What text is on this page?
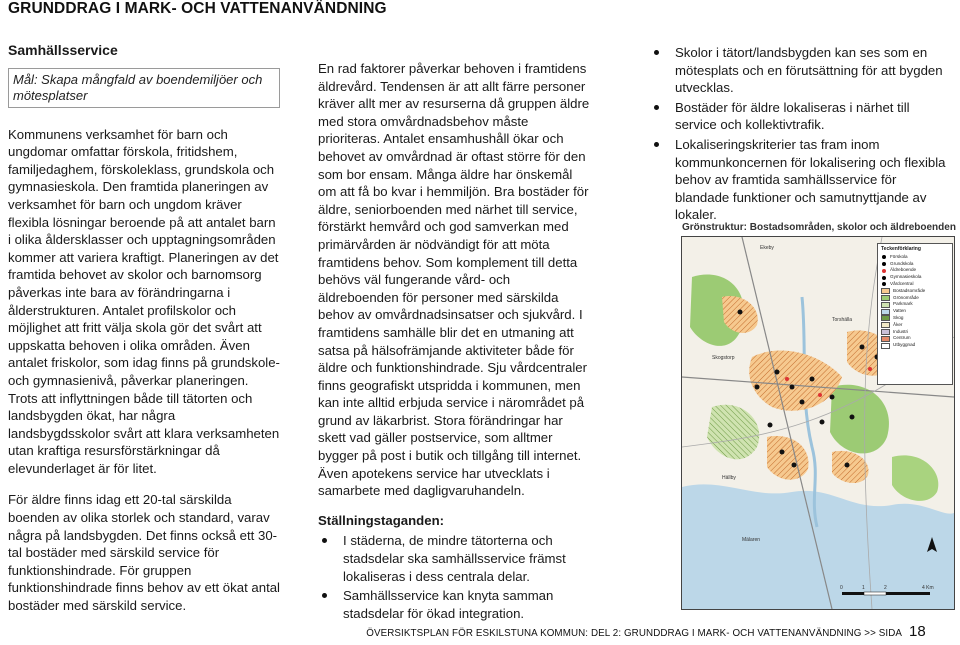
GRUNDDRAG I MARK- OCH VATTENANVÄNDNING
Samhällsservice
Mål: Skapa mångfald av boendemiljöer och mötesplatser

Kommunens verksamhet för barn och ungdomar omfattar förskola, fritidshem, familjedaghem, förskoleklass, grundskola och gymnasieskola. Den framtida planeringen av verksamhet för barn och ungdom kräver flexibla lösningar beroende på att antalet barn i olika åldersklasser och upptagningsområden kommer att variera kraftigt. Planeringen av det framtida behovet av skolor och barnomsorg påverkas inte bara av förändringarna i ålderstrukturen. Antalet profilskolor och möjlighet att fritt välja skola gör det svårt att uppskatta behoven i olika områden. Även antalet friskolor, som idag finns på grundskole- och gymnasienivå, påverkar planeringen. Trots att inflyttningen både till tätorten och landsbygden ökat, har några landsbygdsskolor svårt att klara verksamheten utan kraftiga resursförstärkningar då elevunderlaget är för litet.

För äldre finns idag ett 20-tal särskilda boenden av olika storlek och standard, varav några på landsbygden. Det finns också ett 30-tal bostäder med särskild service för funktionshindrade. För gruppen funktionshindrade finns behov av ett ökat antal bostäder med särskild service.

En rad faktorer påverkar behoven i framtidens äldrevård. Tendensen är att allt färre personer kräver allt mer av resurserna då gruppen äldre med stora omvårdnadsbehov måste prioriteras. Antalet ensamhushåll ökar och behovet av omvårdnad är oftast större för den som bor ensam. Många äldre har önskemål om att få bo kvar i hemmiljön. Bra bostäder för äldre, seniorboenden med närhet till service, förstärkt hemvård och god samverkan med primärvården är nödvändigt för att möta framtidens behov. Som komplement till detta behövs väl fungerande vård- och äldreboenden för personer med särskilda behov av omvårdnadsinsatser och sjukvård. I framtidens samhälle blir det en utmaning att satsa på hälsofrämjande aktiviteter både för äldre och funktionshindrade. Sju vårdcentraler finns geografiskt utspridda i kommunen, men kan inte alltid erbjuda service i närområdet på grund av läkarbrist. Stora förändringar har skett vad gäller postservice, som alltmer bygger på post i butik och tillgång till internet. Även apotekens service har utvecklats i samarbete med dagligvaruhandeln.

Ställningstaganden:
I städerna, de mindre tätorterna och stadsdelar ska samhällsservice främst lokaliseras i dess centrala delar.
Samhällsservice kan knyta samman stadsdelar för ökad integration.
Skolor i tätort/landsbygden kan ses som en mötesplats och en förutsättning för att bygden utvecklas.
Bostäder för äldre lokaliseras i närhet till service och kollektivtrafik.
Lokaliseringskriterier tas fram inom kommunkoncernen för lokalisering och flexibla behov av framtida samhällsservice för blandade funktioner och samutnyttjande av lokaler.
Grönstruktur: Bostadsområden, skolor och äldreboenden
0	1	2	4 Km
Ekeby
Skogstorp
Torshälla
Hällby
Mälaren
Teckenförklaring
Förskola
Grundskola
Äldreboende
Gymnasieskola
Vårdcentral
Bostadsområde
Grönområde
Parkmark
Vatten
Skog
Åker
Industri
Centrum
Utbyggnad
ÖVERSIKTSPLAN FÖR ESKILSTUNA KOMMUN: DEL 2: GRUNDDRAG I MARK- OCH VATTENANVÄNDNING >> SIDA 18
